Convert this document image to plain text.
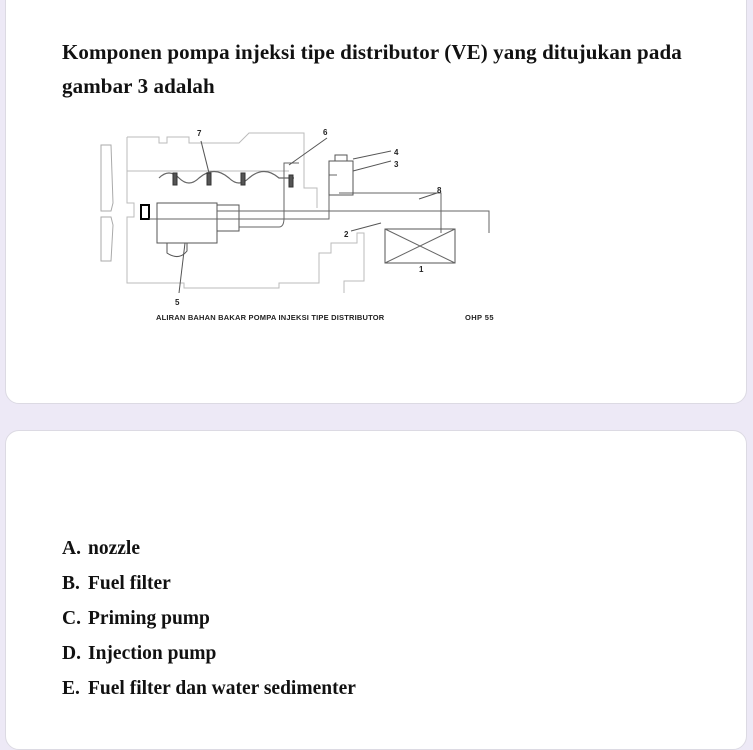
Komponen pompa injeksi tipe distributor (VE) yang ditujukan pada
gambar 3 adalah
7	6
4
3
8
2
1
5
ALIRAN BAHAN BAKAR POMPA INJEKSI TIPE DISTRIBUTOR	OHP 55
A. nozzle
B. Fuel filter
C. Priming pump
D. Injection pump
E. Fuel filter dan water sedimenter
